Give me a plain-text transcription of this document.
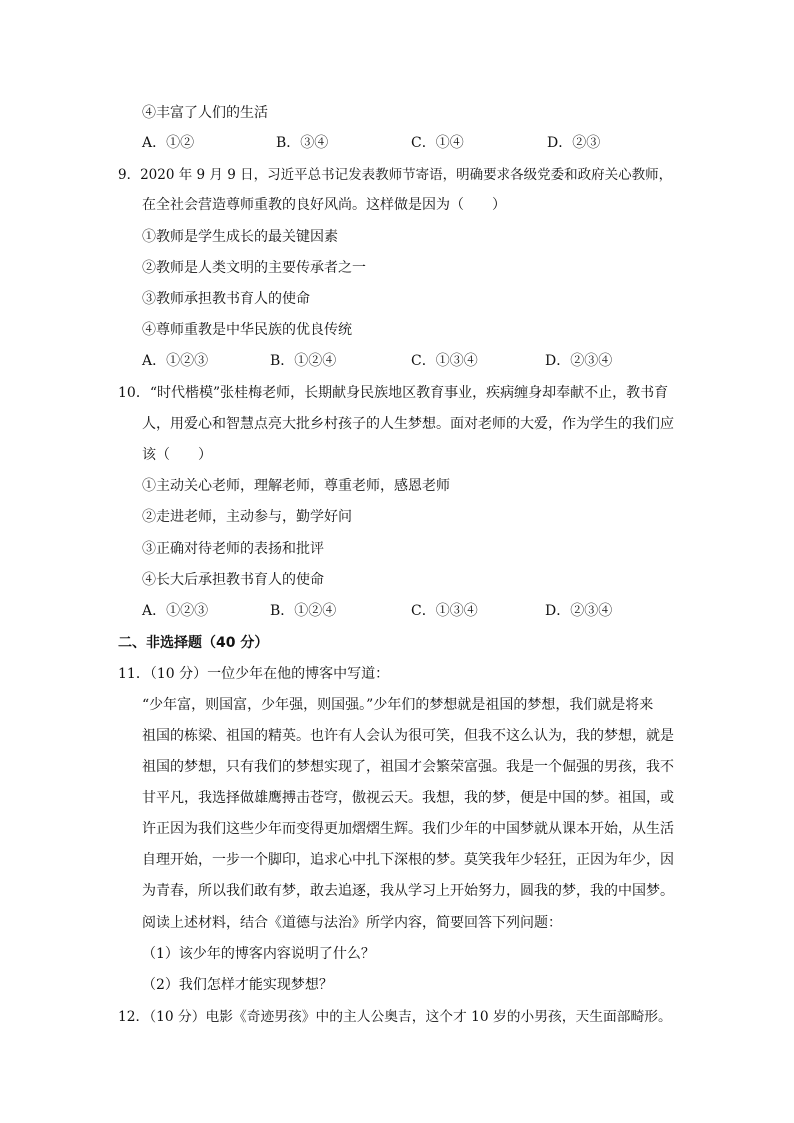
④丰富了人们的生活
A．①②	B．③④	C．①④	D．②③
9．2020 年 9 月 9 日，习近平总书记发表教师节寄语，明确要求各级党委和政府关心教师，
在全社会营造尊师重教的良好风尚。这样做是因为（　　）
①教师是学生成长的最关键因素
②教师是人类文明的主要传承者之一
③教师承担教书育人的使命
④尊师重教是中华民族的优良传统
A．①②③	B．①②④	C．①③④	D．②③④
10．“时代楷模”张桂梅老师，长期献身民族地区教育事业，疾病缠身却奉献不止，教书育
人，用爱心和智慧点亮大批乡村孩子的人生梦想。面对老师的大爱，作为学生的我们应
该（　　）
①主动关心老师，理解老师，尊重老师，感恩老师
②走进老师，主动参与，勤学好问
③正确对待老师的表扬和批评
④长大后承担教书育人的使命
A．①②③	B．①②④	C．①③④	D．②③④
二、非选择题（40 分）
11．（10 分）一位少年在他的博客中写道：
“少年富，则国富，少年强，则国强。”少年们的梦想就是祖国的梦想，我们就是将来
祖国的栋梁、祖国的精英。也许有人会认为很可笑，但我不这么认为，我的梦想，就是
祖国的梦想，只有我们的梦想实现了，祖国才会繁荣富强。我是一个倔强的男孩，我不
甘平凡，我选择做雄鹰搏击苍穹，傲视云天。我想，我的梦，便是中国的梦。祖国，或
许正因为我们这些少年而变得更加熠熠生辉。我们少年的中国梦就从课本开始，从生活
自理开始，一步一个脚印，追求心中扎下深根的梦。莫笑我年少轻狂，正因为年少，因
为青春，所以我们敢有梦，敢去追逐，我从学习上开始努力，圆我的梦，我的中国梦。
阅读上述材料，结合《道德与法治》所学内容，简要回答下列问题：
（1）该少年的博客内容说明了什么？
（2）我们怎样才能实现梦想？
12．（10 分）电影《奇迹男孩》中的主人公奥吉，这个才 10 岁的小男孩，天生面部畸形。
